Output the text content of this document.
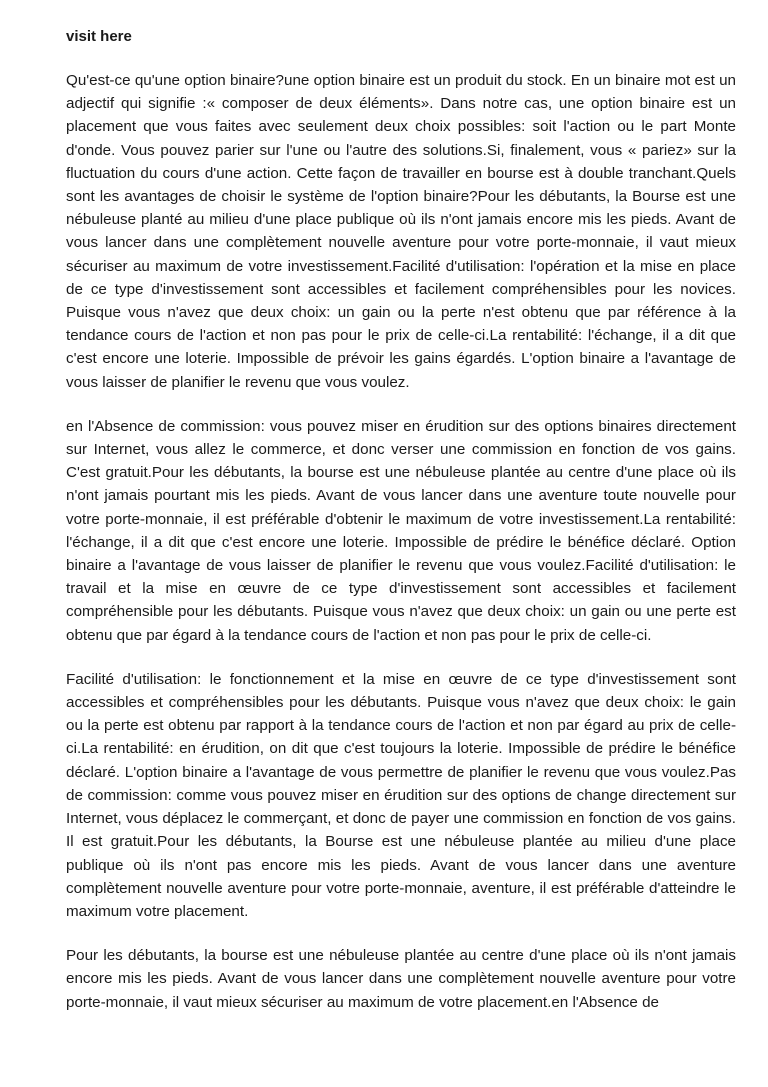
visit here

Qu'est-ce qu'une option binaire?une option binaire est un produit du stock. En un binaire mot est un adjectif qui signifie :« composer de deux éléments». Dans notre cas, une option binaire est un placement que vous faites avec seulement deux choix possibles: soit l'action ou le part Monte d'onde. Vous pouvez parier sur l'une ou l'autre des solutions.Si, finalement, vous « pariez» sur la fluctuation du cours d'une action. Cette façon de travailler en bourse est à double tranchant.Quels sont les avantages de choisir le système de l'option binaire?Pour les débutants, la Bourse est une nébuleuse planté au milieu d'une place publique où ils n'ont jamais encore mis les pieds. Avant de vous lancer dans une complètement nouvelle aventure pour votre porte-monnaie, il vaut mieux sécuriser au maximum de votre investissement.Facilité d'utilisation: l'opération et la mise en place de ce type d'investissement sont accessibles et facilement compréhensibles pour les novices. Puisque vous n'avez que deux choix: un gain ou la perte n'est obtenu que par référence à la tendance cours de l'action et non pas pour le prix de celle-ci.La rentabilité: l'échange, il a dit que c'est encore une loterie. Impossible de prévoir les gains égardés. L'option binaire a l'avantage de vous laisser de planifier le revenu que vous voulez.

en l'Absence de commission: vous pouvez miser en érudition sur des options binaires directement sur Internet, vous allez le commerce, et donc verser une commission en fonction de vos gains. C'est gratuit.Pour les débutants, la bourse est une nébuleuse plantée au centre d'une place où ils n'ont jamais pourtant mis les pieds. Avant de vous lancer dans une aventure toute nouvelle pour votre porte-monnaie, il est préférable d'obtenir le maximum de votre investissement.La rentabilité: l'échange, il a dit que c'est encore une loterie. Impossible de prédire le bénéfice déclaré. Option binaire a l'avantage de vous laisser de planifier le revenu que vous voulez.Facilité d'utilisation: le travail et la mise en œuvre de ce type d'investissement sont accessibles et facilement compréhensible pour les débutants. Puisque vous n'avez que deux choix: un gain ou une perte est obtenu que par égard à la tendance cours de l'action et non pas pour le prix de celle-ci.

Facilité d'utilisation: le fonctionnement et la mise en œuvre de ce type d'investissement sont accessibles et compréhensibles pour les débutants. Puisque vous n'avez que deux choix: le gain ou la perte est obtenu par rapport à la tendance cours de l'action et non par égard au prix de celle-ci.La rentabilité: en érudition, on dit que c'est toujours la loterie. Impossible de prédire le bénéfice déclaré. L'option binaire a l'avantage de vous permettre de planifier le revenu que vous voulez.Pas de commission: comme vous pouvez miser en érudition sur des options de change directement sur Internet, vous déplacez le commerçant, et donc de payer une commission en fonction de vos gains. Il est gratuit.Pour les débutants, la Bourse est une nébuleuse plantée au milieu d'une place publique où ils n'ont pas encore mis les pieds. Avant de vous lancer dans une aventure complètement nouvelle aventure pour votre porte-monnaie, aventure, il est préférable d'atteindre le maximum votre placement.

Pour les débutants, la bourse est une nébuleuse plantée au centre d'une place où ils n'ont jamais encore mis les pieds. Avant de vous lancer dans une complètement nouvelle aventure pour votre porte-monnaie, il vaut mieux sécuriser au maximum de votre placement.en l'Absence de
